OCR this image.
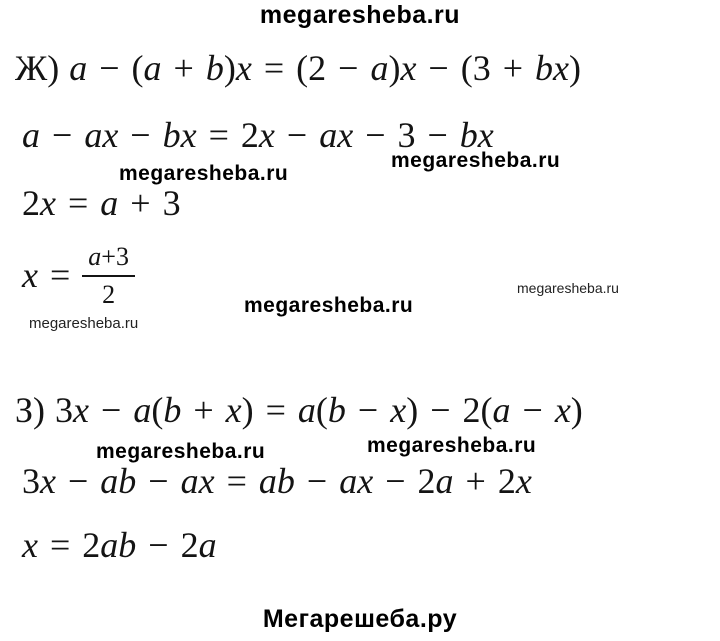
megaresheba.ru
Ж) a − (a + b)x = (2 − a)x − (3 + bx)
a − ax − bx = 2x − ax − 3 − bx
megaresheba.ru
megaresheba.ru
2x = a + 3
$x = \frac{a+3}{2}$	megaresheba.ru
megaresheba.ru
megaresheba.ru
З) 3x − a(b + x) = a(b − x) − 2(a − x)
megaresheba.ru	megaresheba.ru
3x − ab − ax = ab − ax − 2a + 2x
x = 2ab − 2a
Мегарешеба.ру
